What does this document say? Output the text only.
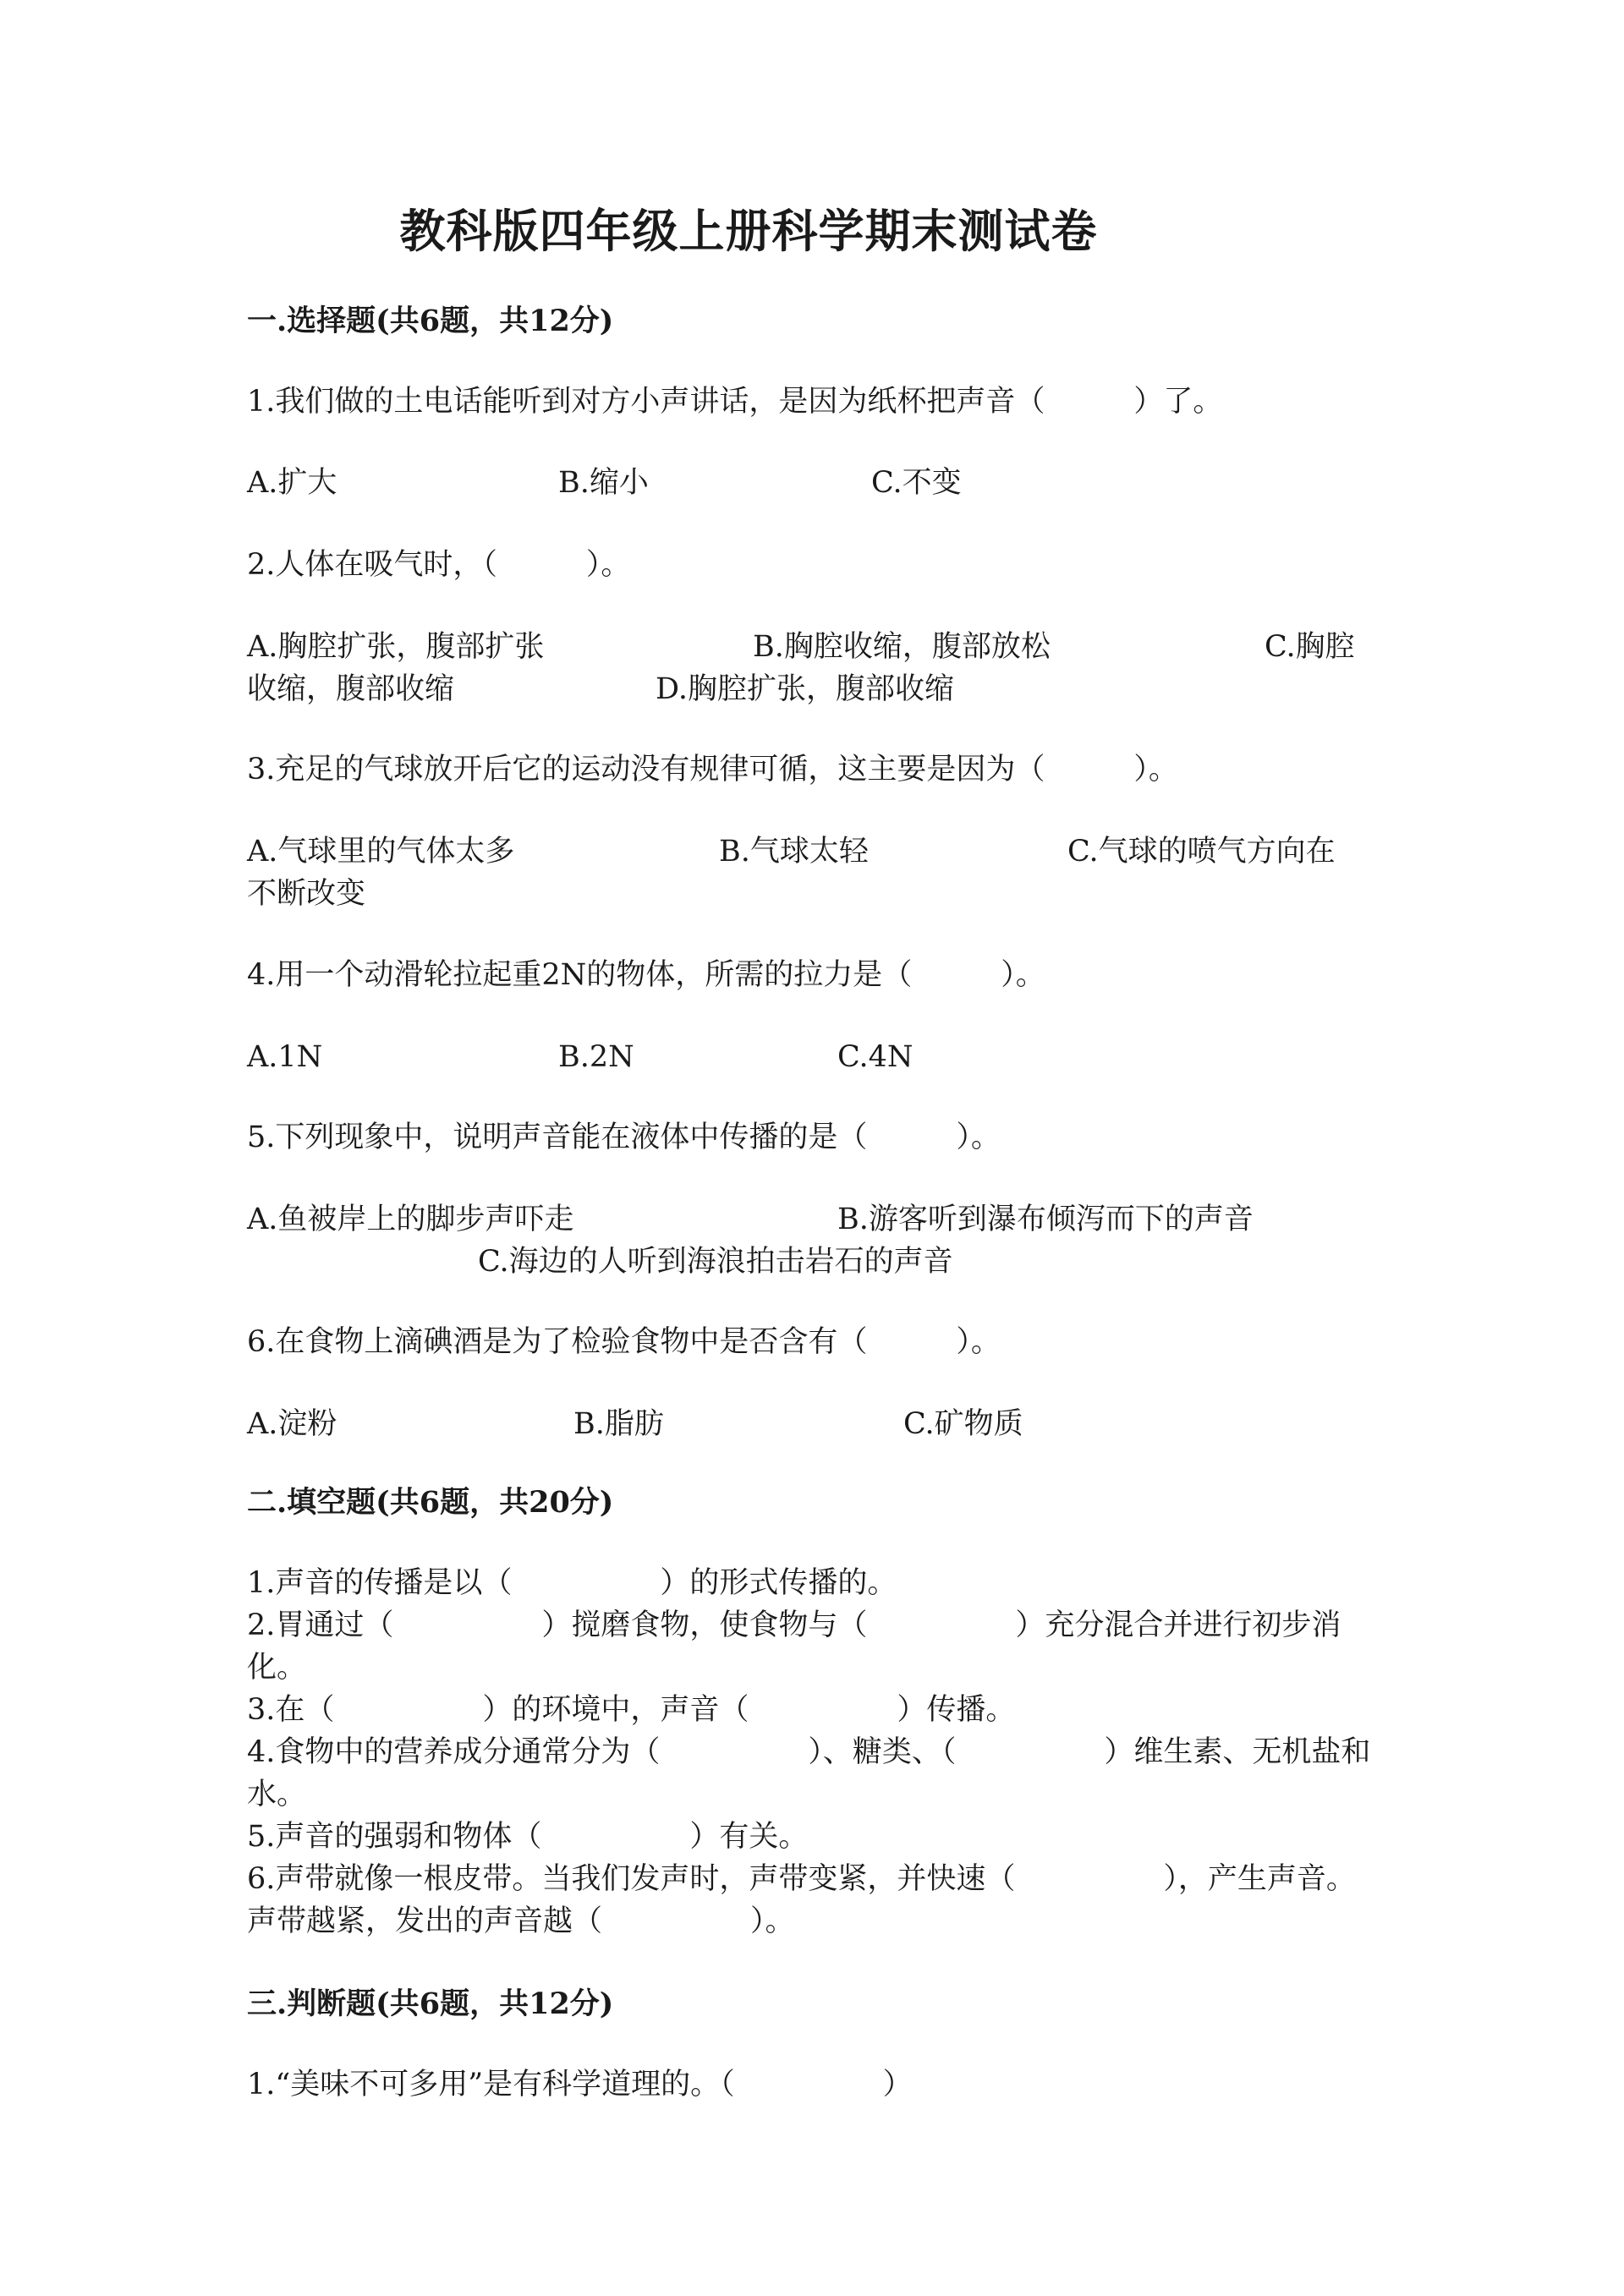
教科版四年级上册科学期末测试卷
一.选择题(共6题，共12分)
1.我们做的土电话能听到对方小声讲话，是因为纸杯把声音（　　　）了。
A.扩大	B.缩小	C.不变
2.人体在吸气时，（　　　）。
A.胸腔扩张，腹部扩张	B.胸腔收缩，腹部放松	C.胸腔
收缩，腹部收缩	D.胸腔扩张，腹部收缩
3.充足的气球放开后它的运动没有规律可循，这主要是因为（　　　）。
A.气球里的气体太多	B.气球太轻	C.气球的喷气方向在
不断改变
4.用一个动滑轮拉起重2N的物体，所需的拉力是（　　　）。
A.1N	B.2N	C.4N
5.下列现象中，说明声音能在液体中传播的是（　　　）。
A.鱼被岸上的脚步声吓走	B.游客听到瀑布倾泻而下的声音
C.海边的人听到海浪拍击岩石的声音
6.在食物上滴碘酒是为了检验食物中是否含有（　　　）。
A.淀粉	B.脂肪	C.矿物质
二.填空题(共6题，共20分)
1.声音的传播是以（　　　　　）的形式传播的。
2.胃通过（　　　　　）搅磨食物，使食物与（　　　　　）充分混合并进行初步消化。
3.在（　　　　　）的环境中，声音（　　　　　）传播。
4.食物中的营养成分通常分为（　　　　　）、糖类、（　　　　　）维生素、无机盐和水。
5.声音的强弱和物体（　　　　　）有关。
6.声带就像一根皮带。当我们发声时，声带变紧，并快速（　　　　　），产生声音。声带越紧，发出的声音越（　　　　　）。
三.判断题(共6题，共12分)
1.“美味不可多用”是有科学道理的。（　　　　　）
